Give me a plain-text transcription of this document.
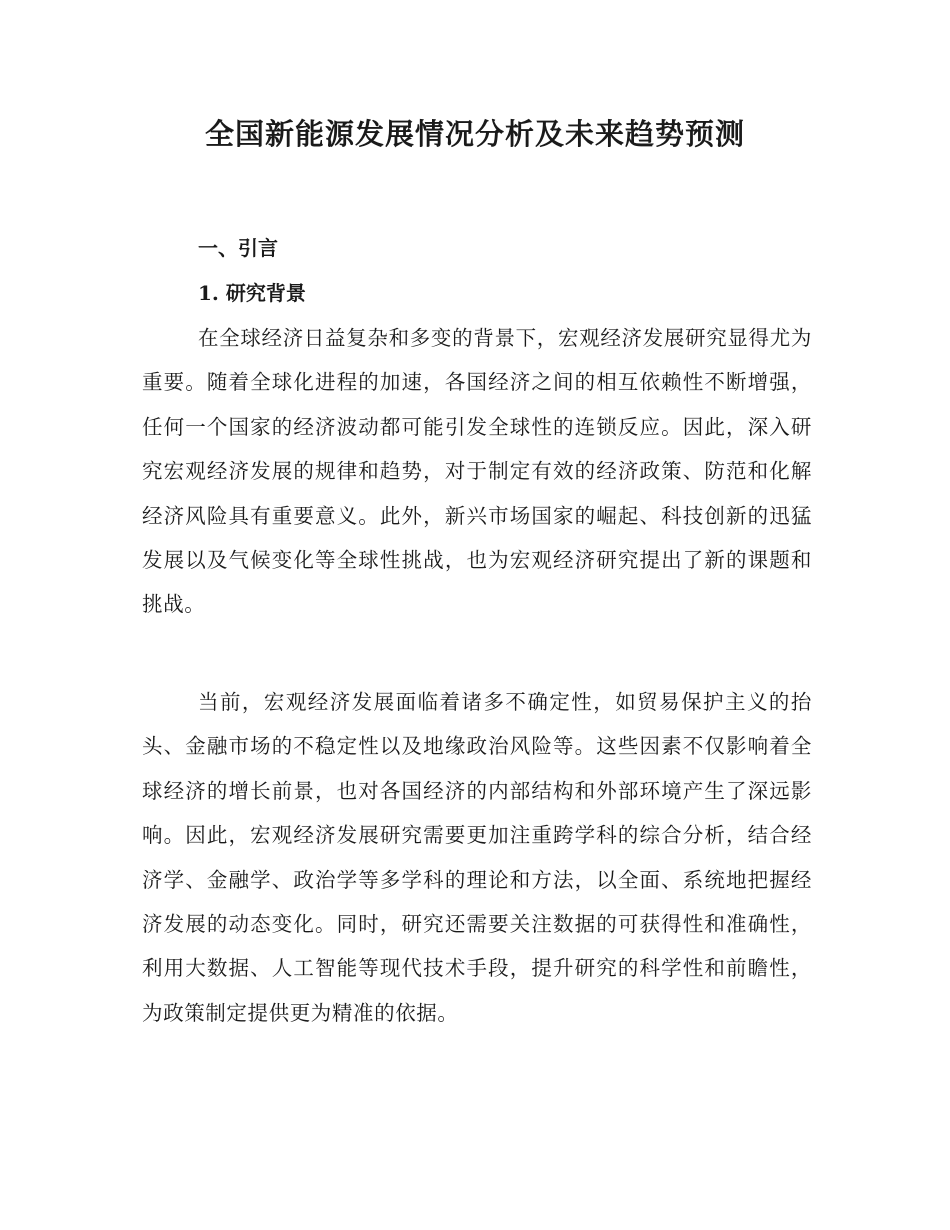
全国新能源发展情况分析及未来趋势预测
一、引言
1. 研究背景

在全球经济日益复杂和多变的背景下，宏观经济发展研究显得尤为重要。随着全球化进程的加速，各国经济之间的相互依赖性不断增强，任何一个国家的经济波动都可能引发全球性的连锁反应。因此，深入研究宏观经济发展的规律和趋势，对于制定有效的经济政策、防范和化解经济风险具有重要意义。此外，新兴市场国家的崛起、科技创新的迅猛发展以及气候变化等全球性挑战，也为宏观经济研究提出了新的课题和挑战。

当前，宏观经济发展面临着诸多不确定性，如贸易保护主义的抬头、金融市场的不稳定性以及地缘政治风险等。这些因素不仅影响着全球经济的增长前景，也对各国经济的内部结构和外部环境产生了深远影响。因此，宏观经济发展研究需要更加注重跨学科的综合分析，结合经济学、金融学、政治学等多学科的理论和方法，以全面、系统地把握经济发展的动态变化。同时，研究还需要关注数据的可获得性和准确性，利用大数据、人工智能等现代技术手段，提升研究的科学性和前瞻性，为政策制定提供更为精准的依据。
